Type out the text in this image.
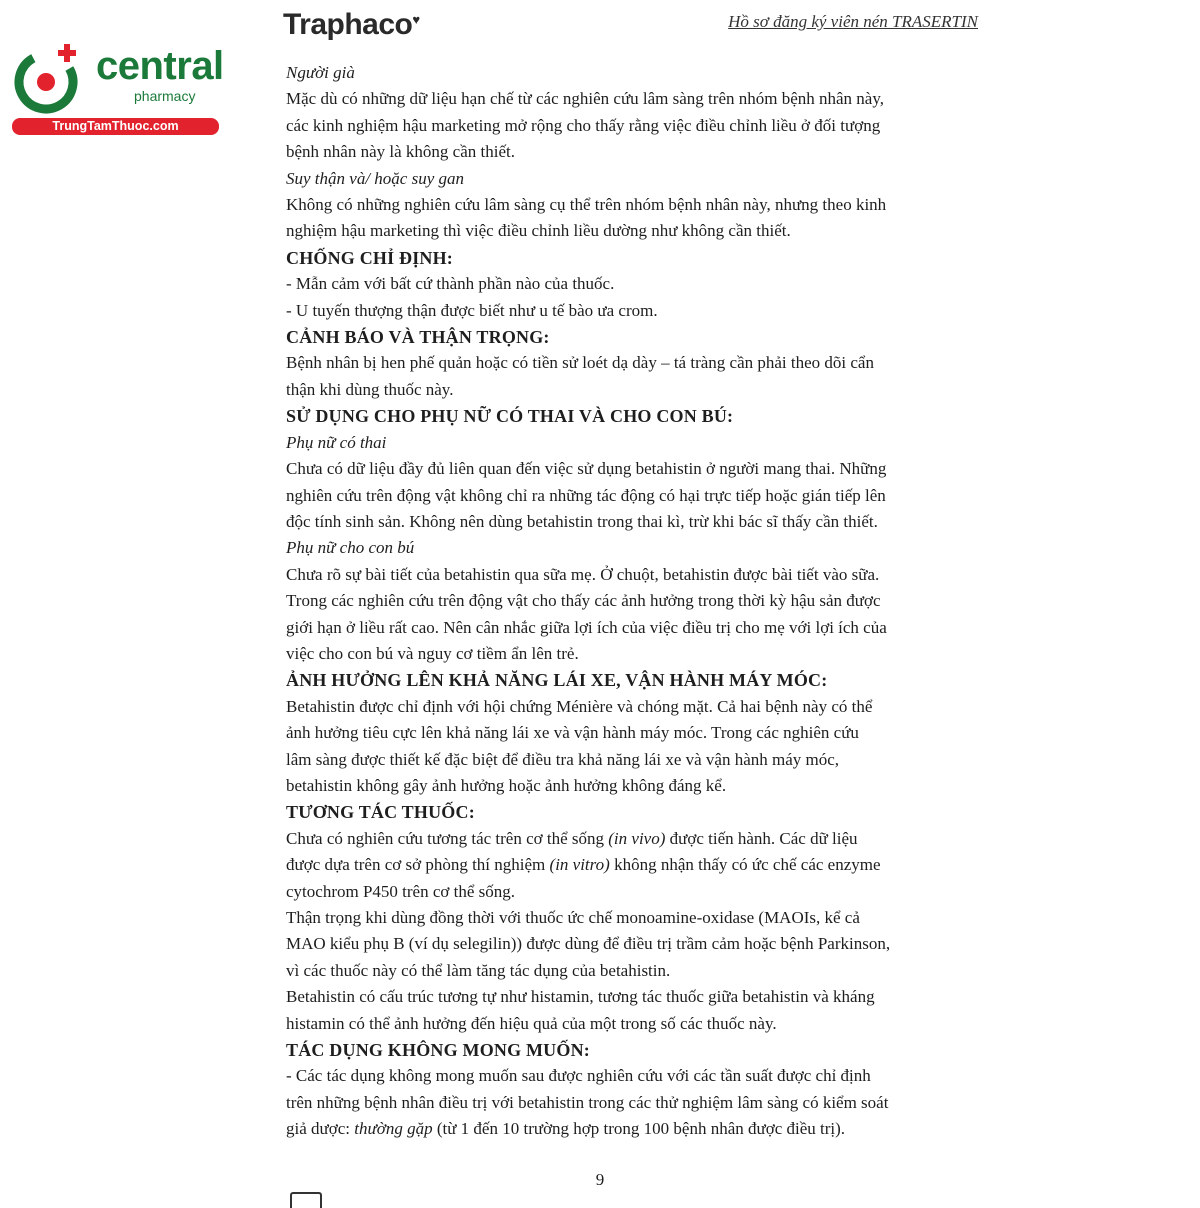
central
pharmacy
TrungTamThuoc.com
Traphaco♥	Hồ sơ đăng ký viên nén TRASERTIN
Người già
Mặc dù có những dữ liệu hạn chế từ các nghiên cứu lâm sàng trên nhóm bệnh nhân này,
các kinh nghiệm hậu marketing mở rộng cho thấy rằng việc điều chỉnh liều ở đối tượng
bệnh nhân này là không cần thiết.
Suy thận và/ hoặc suy gan
Không có những nghiên cứu lâm sàng cụ thể trên nhóm bệnh nhân này, nhưng theo kinh
nghiệm hậu marketing thì việc điều chỉnh liều dường như không cần thiết.
CHỐNG CHỈ ĐỊNH:
- Mẫn cảm với bất cứ thành phần nào của thuốc.
- U tuyến thượng thận được biết như u tế bào ưa crom.
CẢNH BÁO VÀ THẬN TRỌNG:
Bệnh nhân bị hen phế quản hoặc có tiền sử loét dạ dày – tá tràng cần phải theo dõi cẩn
thận khi dùng thuốc này.
SỬ DỤNG CHO PHỤ NỮ CÓ THAI VÀ CHO CON BÚ:
Phụ nữ có thai
Chưa có dữ liệu đầy đủ liên quan đến việc sử dụng betahistin ở người mang thai. Những
nghiên cứu trên động vật không chỉ ra những tác động có hại trực tiếp hoặc gián tiếp lên
độc tính sinh sản. Không nên dùng betahistin trong thai kì, trừ khi bác sĩ thấy cần thiết.
Phụ nữ cho con bú
Chưa rõ sự bài tiết của betahistin qua sữa mẹ. Ở chuột, betahistin được bài tiết vào sữa.
Trong các nghiên cứu trên động vật cho thấy các ảnh hưởng trong thời kỳ hậu sản được
giới hạn ở liều rất cao. Nên cân nhắc giữa lợi ích của việc điều trị cho mẹ với lợi ích của
việc cho con bú và nguy cơ tiềm ẩn lên trẻ.
ẢNH HƯỞNG LÊN KHẢ NĂNG LÁI XE, VẬN HÀNH MÁY MÓC:
Betahistin được chỉ định với hội chứng Ménière và chóng mặt. Cả hai bệnh này có thể
ảnh hưởng tiêu cực lên khả năng lái xe và vận hành máy móc. Trong các nghiên cứu
lâm sàng được thiết kế đặc biệt để điều tra khả năng lái xe và vận hành máy móc,
betahistin không gây ảnh hưởng hoặc ảnh hưởng không đáng kể.
TƯƠNG TÁC THUỐC:
Chưa có nghiên cứu tương tác trên cơ thể sống (in vivo) được tiến hành. Các dữ liệu
được dựa trên cơ sở phòng thí nghiệm (in vitro) không nhận thấy có ức chế các enzyme
cytochrom P450 trên cơ thể sống.
Thận trọng khi dùng đồng thời với thuốc ức chế monoamine-oxidase (MAOIs, kể cả
MAO kiểu phụ B (ví dụ selegilin)) được dùng để điều trị trầm cảm hoặc bệnh Parkinson,
vì các thuốc này có thể làm tăng tác dụng của betahistin.
Betahistin có cấu trúc tương tự như histamin, tương tác thuốc giữa betahistin và kháng
histamin có thể ảnh hưởng đến hiệu quả của một trong số các thuốc này.
TÁC DỤNG KHÔNG MONG MUỐN:
- Các tác dụng không mong muốn sau được nghiên cứu với các tần suất được chỉ định
trên những bệnh nhân điều trị với betahistin trong các thử nghiệm lâm sàng có kiểm soát
giả dược: thường gặp (từ 1 đến 10 trường hợp trong 100 bệnh nhân được điều trị).
9
